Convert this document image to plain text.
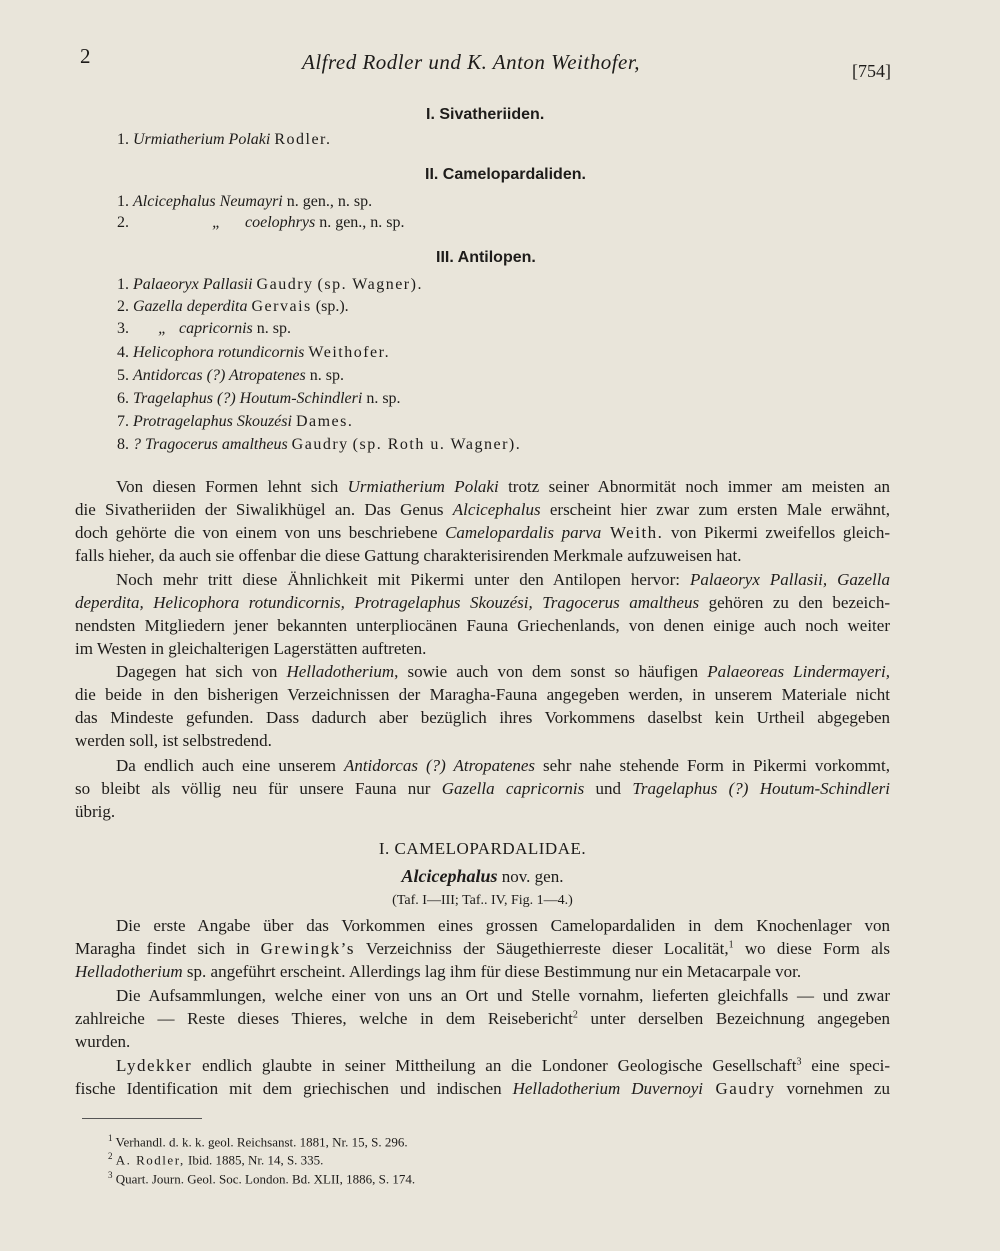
2	Alfred Rodler und K. Anton Weithofer,	[754]
I. Sivatheriiden.
1. Urmiatherium Polaki Rodler.
II. Camelopardaliden.
1. Alcicephalus Neumayri n. gen., n. sp.
2.	„ coelophrys n. gen., n. sp.
III. Antilopen.
1. Palaeoryx Pallasii Gaudry (sp. Wagner).
2. Gazella deperdita Gervais (sp.).
3. „ capricornis n. sp.
4. Helicophora rotundicornis Weithofer.
5. Antidorcas (?) Atropatenes n. sp.
6. Tragelaphus (?) Houtum-Schindleri n. sp.
7. Protragelaphus Skouzési Dames.
8. ? Tragocerus amaltheus Gaudry (sp. Roth u. Wagner).
Von diesen Formen lehnt sich Urmiatherium Polaki trotz seiner Abnormität noch immer am meisten an
die Sivatheriiden der Siwalikhügel an. Das Genus Alcicephalus erscheint hier zwar zum ersten Male erwähnt,
doch gehörte die von einem von uns beschriebene Camelopardalis parva Weith. von Pikermi zweifellos gleich-
falls hieher, da auch sie offenbar die diese Gattung charakterisirenden Merkmale aufzuweisen hat.
Noch mehr tritt diese Ähnlichkeit mit Pikermi unter den Antilopen hervor: Palaeoryx Pallasii, Gazella
deperdita, Helicophora rotundicornis, Protragelaphus Skouzési, Tragocerus amaltheus gehören zu den bezeich-
nendsten Mitgliedern jener bekannten unterpliocänen Fauna Griechenlands, von denen einige auch noch weiter
im Westen in gleichalterigen Lagerstätten auftreten.
Dagegen hat sich von Helladotherium, sowie auch von dem sonst so häufigen Palaeoreas Lindermayeri,
die beide in den bisherigen Verzeichnissen der Maragha-Fauna angegeben werden, in unserem Materiale nicht
das Mindeste gefunden. Dass dadurch aber bezüglich ihres Vorkommens daselbst kein Urtheil abgegeben
werden soll, ist selbstredend.
Da endlich auch eine unserem Antidorcas (?) Atropatenes sehr nahe stehende Form in Pikermi vorkommt,
so bleibt als völlig neu für unsere Fauna nur Gazella capricornis und Tragelaphus (?) Houtum-Schindleri
übrig.
I. CAMELOPARDALIDAE.
Alcicephalus nov. gen.
(Taf. I—III; Taf.. IV, Fig. 1—4.)
Die erste Angabe über das Vorkommen eines grossen Camelopardaliden in dem Knochenlager von
Maragha findet sich in Grewingk’s Verzeichniss der Säugethierreste dieser Localität,$^1$ wo diese Form als
Helladotherium sp. angeführt erscheint. Allerdings lag ihm für diese Bestimmung nur ein Metacarpale vor.
Die Aufsammlungen, welche einer von uns an Ort und Stelle vornahm, lieferten gleichfalls — und zwar
zahlreiche — Reste dieses Thieres, welche in dem Reisebericht$^2$ unter derselben Bezeichnung angegeben
wurden.
Lydekker endlich glaubte in seiner Mittheilung an die Londoner Geologische Gesellschaft$^3$ eine speci-
fische Identification mit dem griechischen und indischen Helladotherium Duvernoyi Gaudry vornehmen zu
$^1$ Verhandl. d. k. k. geol. Reichsanst. 1881, Nr. 15, S. 296.
$^2$ A. Rodler, Ibid. 1885, Nr. 14, S. 335.
$^3$ Quart. Journ. Geol. Soc. London. Bd. XLII, 1886, S. 174.
